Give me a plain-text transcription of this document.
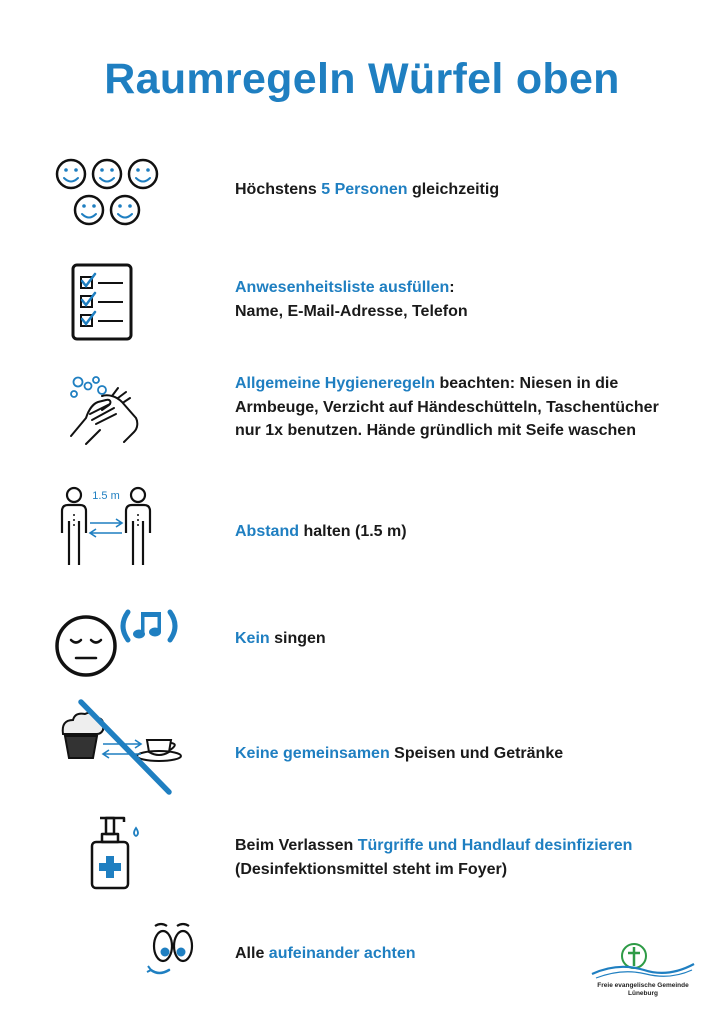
Raumregeln Würfel oben
Höchstens 5 Personen gleichzeitig
Anwesenheitsliste ausfüllen:
Name, E-Mail-Adresse, Telefon
Allgemeine Hygieneregeln beachten: Niesen in die Armbeuge, Verzicht auf Händeschütteln, Taschentücher nur 1x benutzen. Hände gründlich mit Seife waschen
1.5 m
Abstand halten (1.5 m)
Kein singen
Keine gemeinsamen Speisen und Getränke
Beim Verlassen Türgriffe und Handlauf desinfizieren (Desinfektionsmittel steht im Foyer)
Alle aufeinander achten
Freie evangelische Gemeinde
Lüneburg
